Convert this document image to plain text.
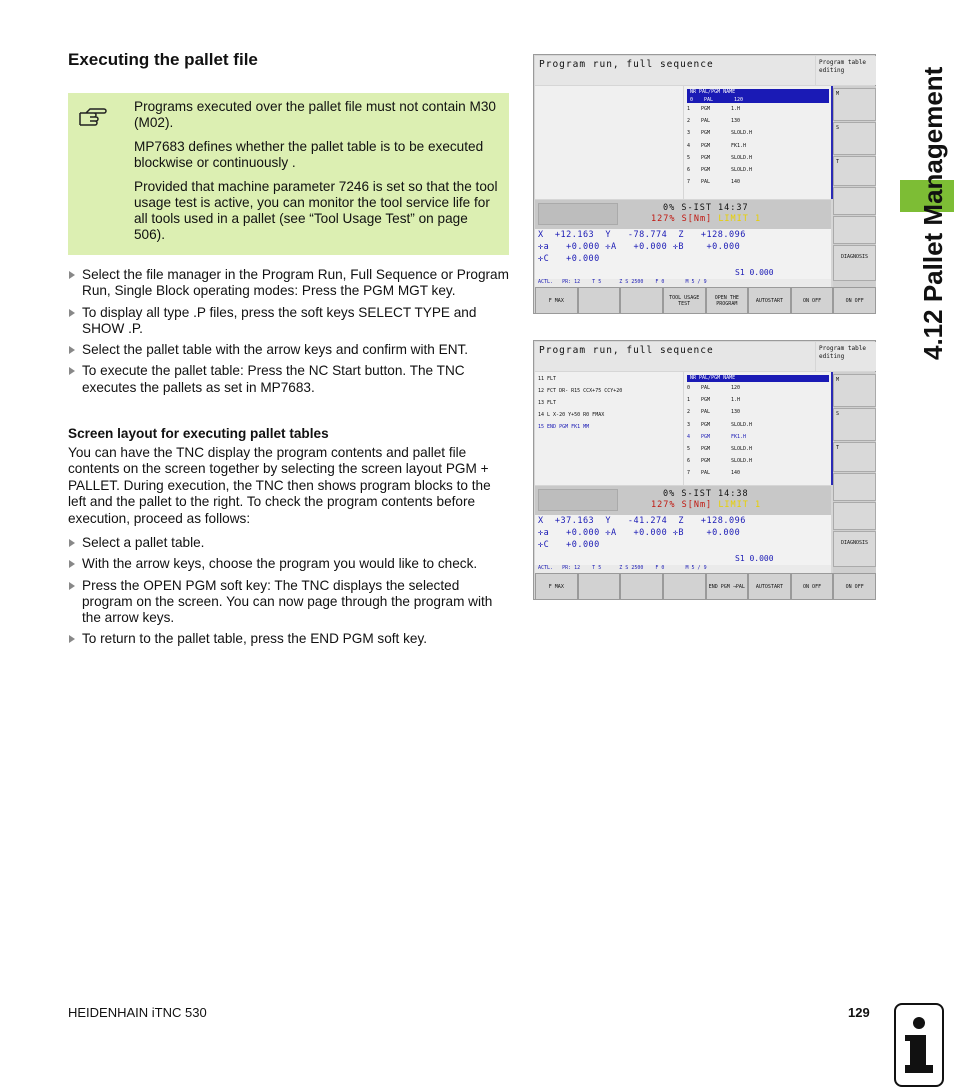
Executing the pallet file

Programs executed over the pallet file must not contain M30 (M02).

MP7683 defines whether the pallet table is to be executed blockwise or continuously .

Provided that machine parameter 7246 is set so that the tool usage test is active, you can monitor the tool service life for all tools used in a pallet (see “Tool Usage Test” on page 506).

Select the file manager in the Program Run, Full Sequence or Program Run, Single Block operating modes: Press the PGM MGT key.
To display all type .P files, press the soft keys SELECT TYPE and SHOW .P.
Select the pallet table with the arrow keys and confirm with ENT.
To execute the pallet table: Press the NC Start button. The TNC executes the pallets as set in MP7683.
Screen layout for executing pallet tables
You can have the TNC display the program contents and pallet file contents on the screen together by selecting the screen layout PGM + PALLET. During execution, the TNC then shows program blocks to the left and the pallet to the right. To check the program contents before execution, proceed as follows:
Select a pallet table.
With the arrow keys, choose the program you would like to check.
Press the OPEN PGM soft key: The TNC displays the selected program on the screen. You can now page through the program with the arrow keys.
To return to the pallet table, press the END PGM soft key.
4.12 Pallet Management
Program run, full sequence	Program table editing
NR PAL/PGM NAME
0	PAL	120
1	PGM	1.H
2	PAL	130
3	PGM	SLOLD.H
4	PGM	FK1.H
5	PGM	SLOLD.H
6	PGM	SLOLD.H
7	PAL	140
M
S
T
DIAGNOSIS
0% S-IST 14:37
127% S[Nm] LIMIT 1
X  +12.163  Y   -78.774  Z   +128.096
✛a   +0.000 ✛A   +0.000 ✛B    +0.000
✛C   +0.000
S1 0.000
ACTL.   PR: 12    T 5      Z S 2500    F 0       M 5 / 9
F MAX	TOOL USAGE TEST
OPEN THE PROGRAM	AUTOSTART	ON OFF	ON OFF
Program run, full sequence	Program table editing
11 FLT
12 FCT DR- R15 CCX+75 CCY+20
13 FLT
14 L X-20 Y+50 R0 FMAX
15 END PGM FK1 MM
NR PAL/PGM NAME
0	PAL	120
1	PGM	1.H
2	PAL	130
3	PGM	SLOLD.H
4	PGM	FK1.H
5	PGM	SLOLD.H
6	PGM	SLOLD.H
7	PAL	140
M
S
T
DIAGNOSIS
0% S-IST 14:38
127% S[Nm] LIMIT 1
X  +37.163  Y   -41.274  Z   +128.096
✛a   +0.000 ✛A   +0.000 ✛B    +0.000
✛C   +0.000
S1 0.000
ACTL.   PR: 12    T 5      Z S 2500    F 0       M 5 / 9
F MAX	END PGM →PAL	AUTOSTART	ON OFF	ON OFF
HEIDENHAIN iTNC 530	129
